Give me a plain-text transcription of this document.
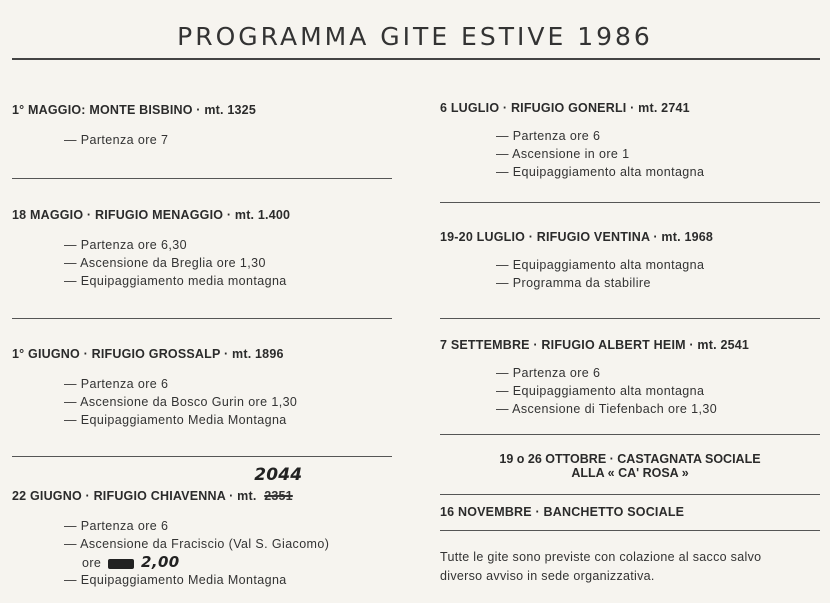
PROGRAMMA GITE ESTIVE 1986
1° MAGGIO: MONTE BISBINO · mt. 1325
— Partenza ore 7
18 MAGGIO · RIFUGIO MENAGGIO · mt. 1.400
— Partenza ore 6,30
— Ascensione da Breglia ore 1,30
— Equipaggiamento media montagna
1° GIUGNO · RIFUGIO GROSSALP · mt. 1896
— Partenza ore 6
— Ascensione da Bosco Gurin ore 1,30
— Equipaggiamento Media Montagna
22 GIUGNO · RIFUGIO CHIAVENNA · mt. 2351
2044
— Partenza ore 6
— Ascensione da Fraciscio (Val S. Giacomo)
ore	2,00
— Equipaggiamento Media Montagna
6 LUGLIO · RIFUGIO GONERLI · mt. 2741
— Partenza ore 6
— Ascensione in ore 1
— Equipaggiamento alta montagna
19-20 LUGLIO · RIFUGIO VENTINA · mt. 1968
— Equipaggiamento alta montagna
— Programma da stabilire
7 SETTEMBRE · RIFUGIO ALBERT HEIM · mt. 2541
— Partenza ore 6
— Equipaggiamento alta montagna
— Ascensione di Tiefenbach ore 1,30
19 o 26 OTTOBRE · CASTAGNATA SOCIALE
ALLA « CA' ROSA »
16 NOVEMBRE · BANCHETTO SOCIALE
Tutte le gite sono previste con colazione al sacco salvo
diverso avviso in sede organizzativa.
